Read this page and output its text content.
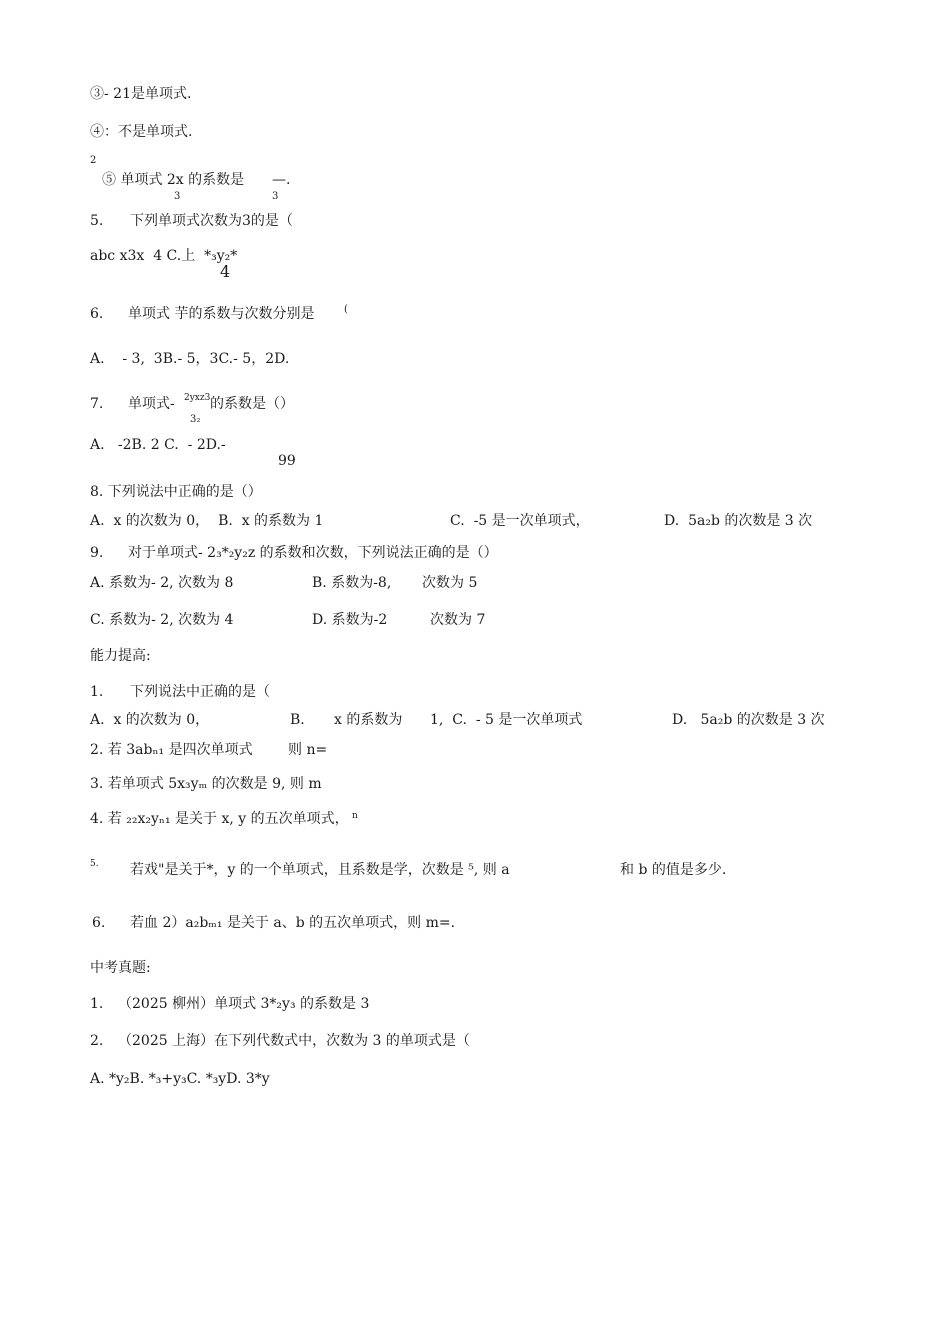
③- 21是单项式.
④：不是单项式.
2
⑤ 单项式 2x 的系数是 —.
3	3
5. 下列单项式次数为3的是（
abc x3x  4 C.上  *₃y₂*
4
6. 单项式 芋的系数与次数分别是	(
A.    - 3,  3B.- 5，3C.- 5，2D.
7. 单项式- 2yxz3 的系数是（）
3₂
A.   -2B. 2 C.  - 2D.-
99
8. 下列说法中正确的是（）
A.  x 的次数为 0，  B.  x 的系数为 1	C.  -5 是一次单项式，	D.  5a₂b 的次数是 3 次
9. 对于单项式- 2₃*₂y₂z 的系数和次数，下列说法正确的是（）
A. 系数为- 2, 次数为 8	B. 系数为-8, 次数为 5
C. 系数为- 2, 次数为 4	D. 系数为-2	次数为 7
能力提高:
1. 下列说法中正确的是（
A.  x 的次数为 0，	B. x 的系数为 1,  C.  - 5 是一次单项式	D.   5a₂b 的次数是 3 次
2. 若 3abₙ₁ 是四次单项式	则 n=
3. 若单项式 5x₃yₘ 的次数是 9, 则 m
4. 若 ₂₂x₂yₙ₁ 是关于 x, y 的五次单项式， n
5. 若戏"是关于*，y 的一个单项式，且系数是学，次数是 ⁵, 则 a	和 b 的值是多少.
6. 若血 2）a₂bₘ₁ 是关于 a、b 的五次单项式，则 m=.
中考真题:
1. （2025 柳州）单项式 3*₂y₃ 的系数是 3
2. （2025 上海）在下列代数式中，次数为 3 的单项式是（
A. *y₂B. *₃+y₃C. *₃yD. 3*y
